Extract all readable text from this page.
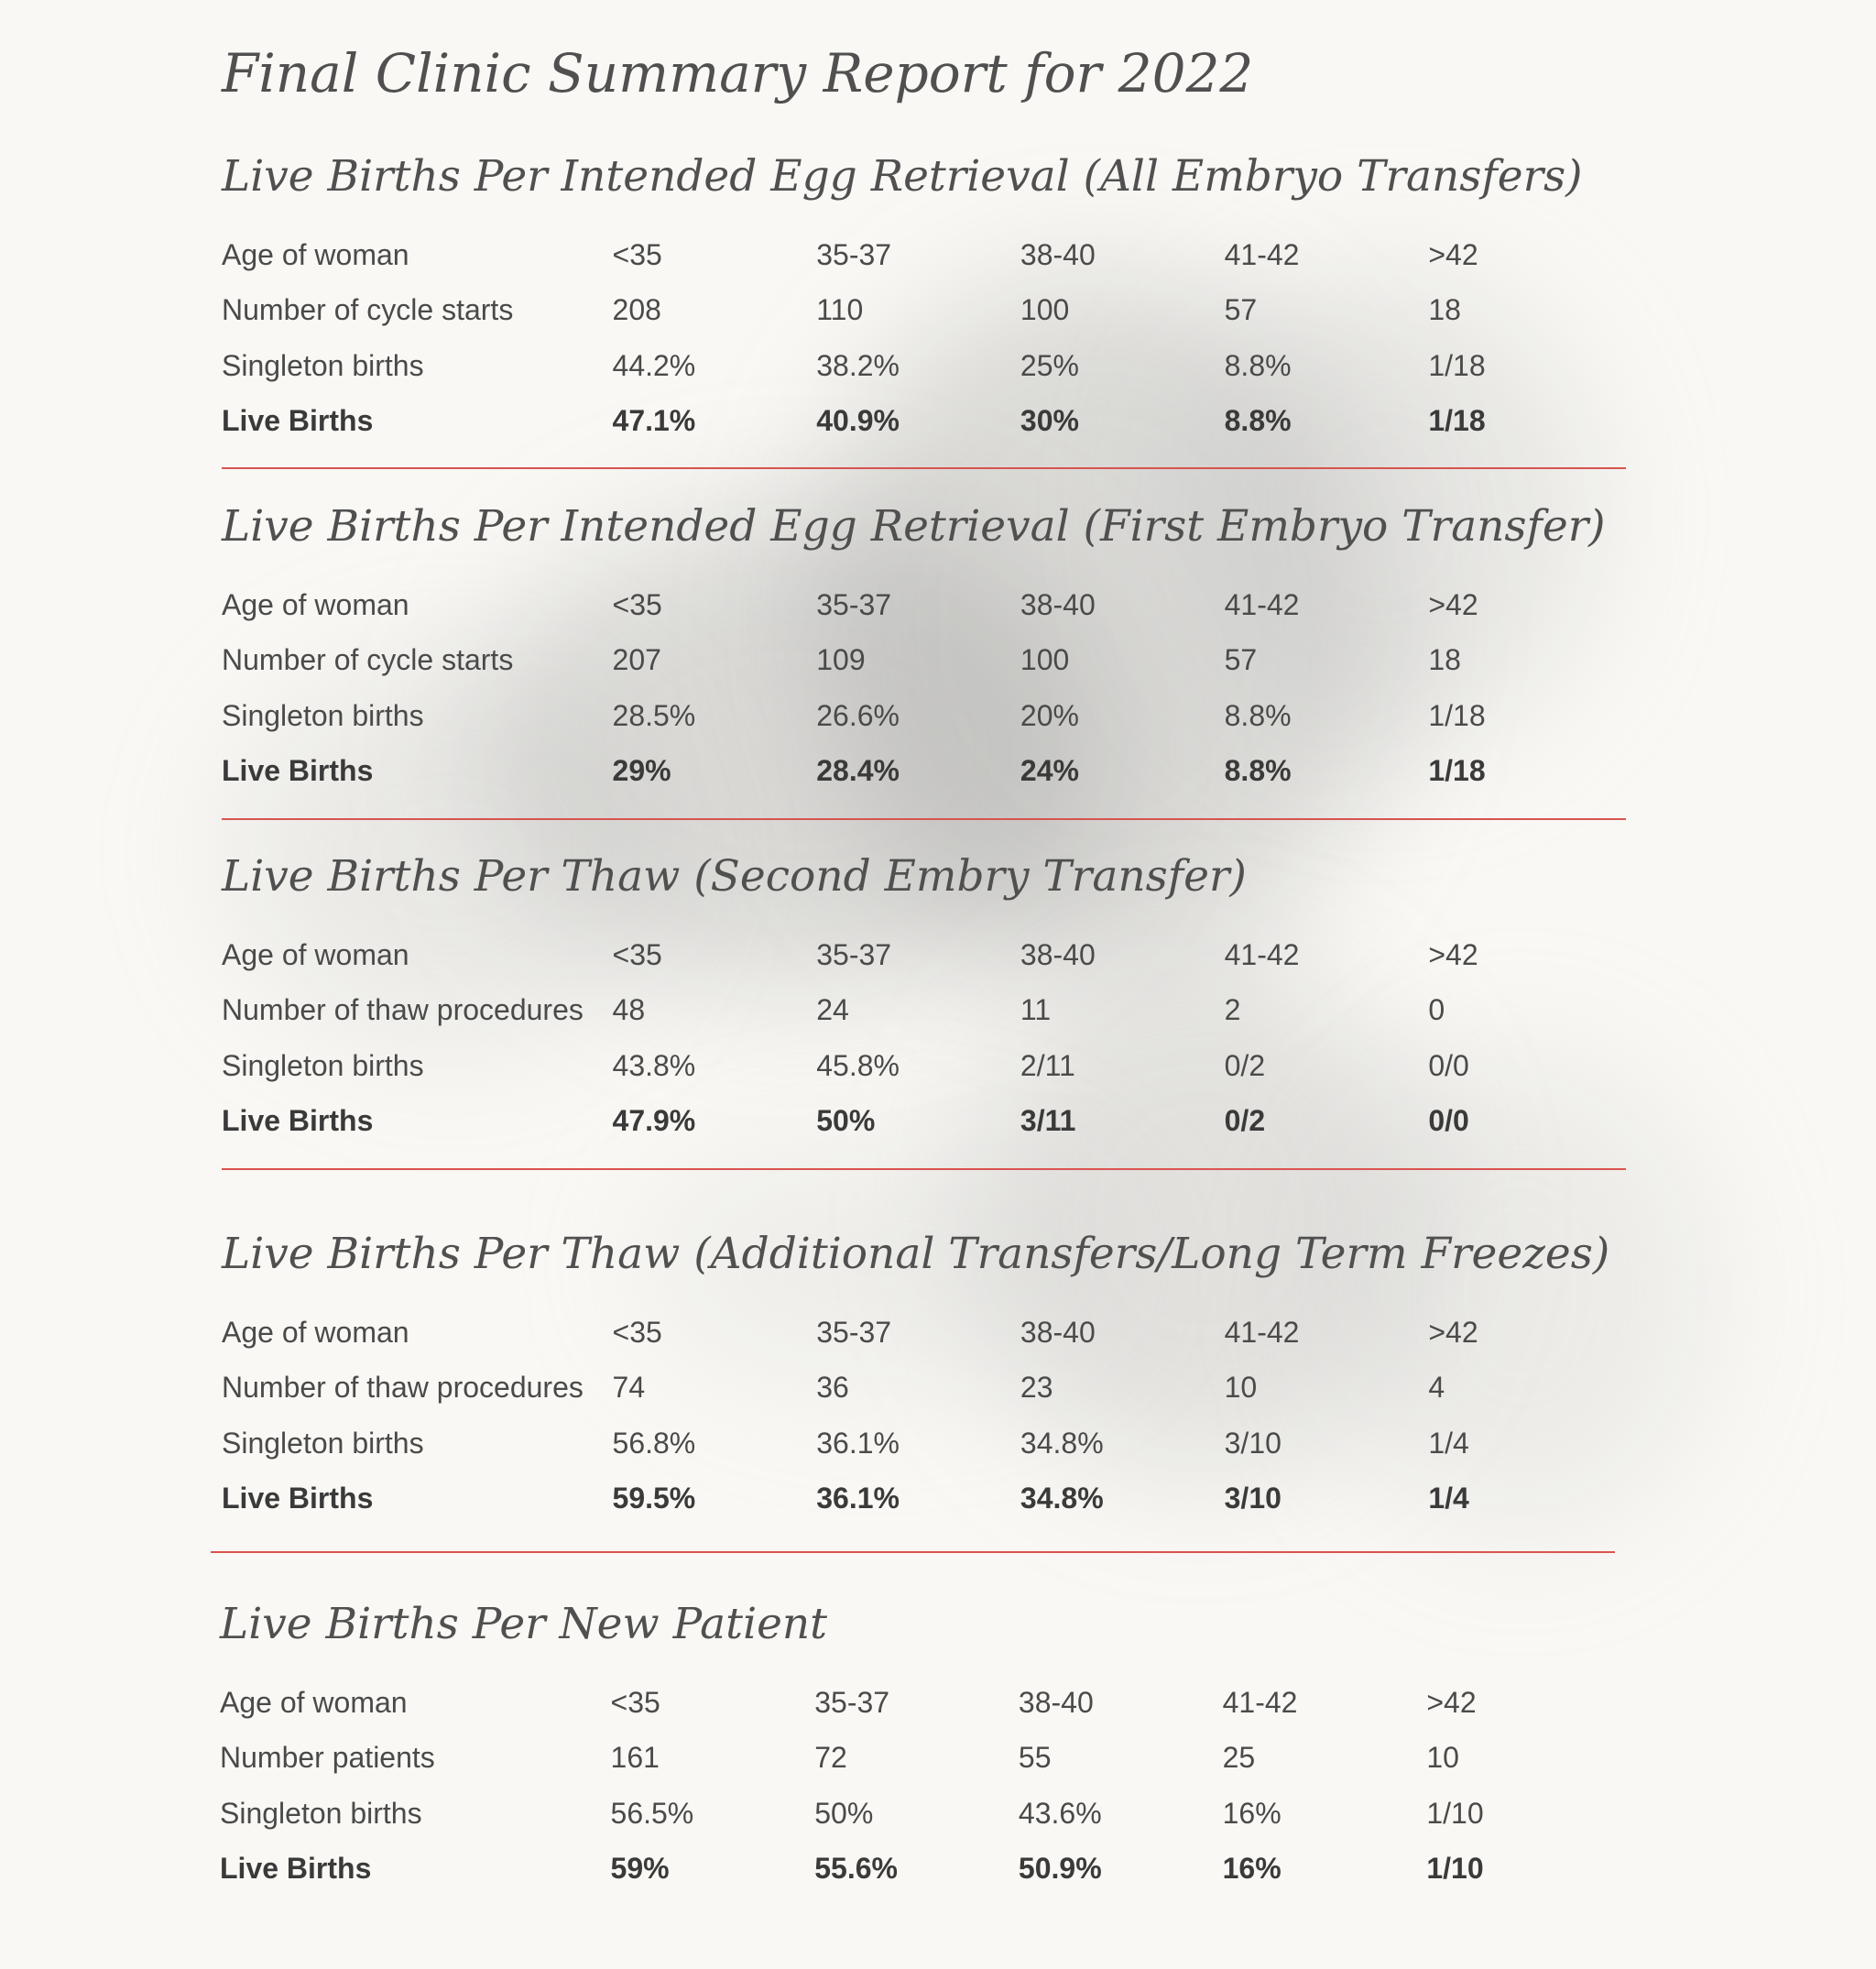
Final Clinic Summary Report for 2022
Live Births Per Intended Egg Retrieval (All Embryo Transfers)
Age of woman	<35	35-37	38-40	41-42	>42
Number of cycle starts	208	110	100	57	18
Singleton births	44.2%	38.2%	25%	8.8%	1/18
Live Births	47.1%	40.9%	30%	8.8%	1/18
Live Births Per Intended Egg Retrieval (First Embryo Transfer)
Age of woman	<35	35-37	38-40	41-42	>42
Number of cycle starts	207	109	100	57	18
Singleton births	28.5%	26.6%	20%	8.8%	1/18
Live Births	29%	28.4%	24%	8.8%	1/18
Live Births Per Thaw (Second Embry Transfer)
Age of woman	<35	35-37	38-40	41-42	>42
Number of thaw procedures 48	24	11	2	0
Singleton births	43.8%	45.8%	2/11	0/2	0/0
Live Births	47.9%	50%	3/11	0/2	0/0
Live Births Per Thaw (Additional Transfers/Long Term Freezes)
Age of woman	<35	35-37	38-40	41-42	>42
Number of thaw procedures 74	36	23	10	4
Singleton births	56.8%	36.1%	34.8%	3/10	1/4
Live Births	59.5%	36.1%	34.8%	3/10	1/4
Live Births Per New Patient
Age of woman	<35	35-37	38-40	41-42	>42
Number patients	161	72	55	25	10
Singleton births	56.5%	50%	43.6%	16%	1/10
Live Births	59%	55.6%	50.9%	16%	1/10
